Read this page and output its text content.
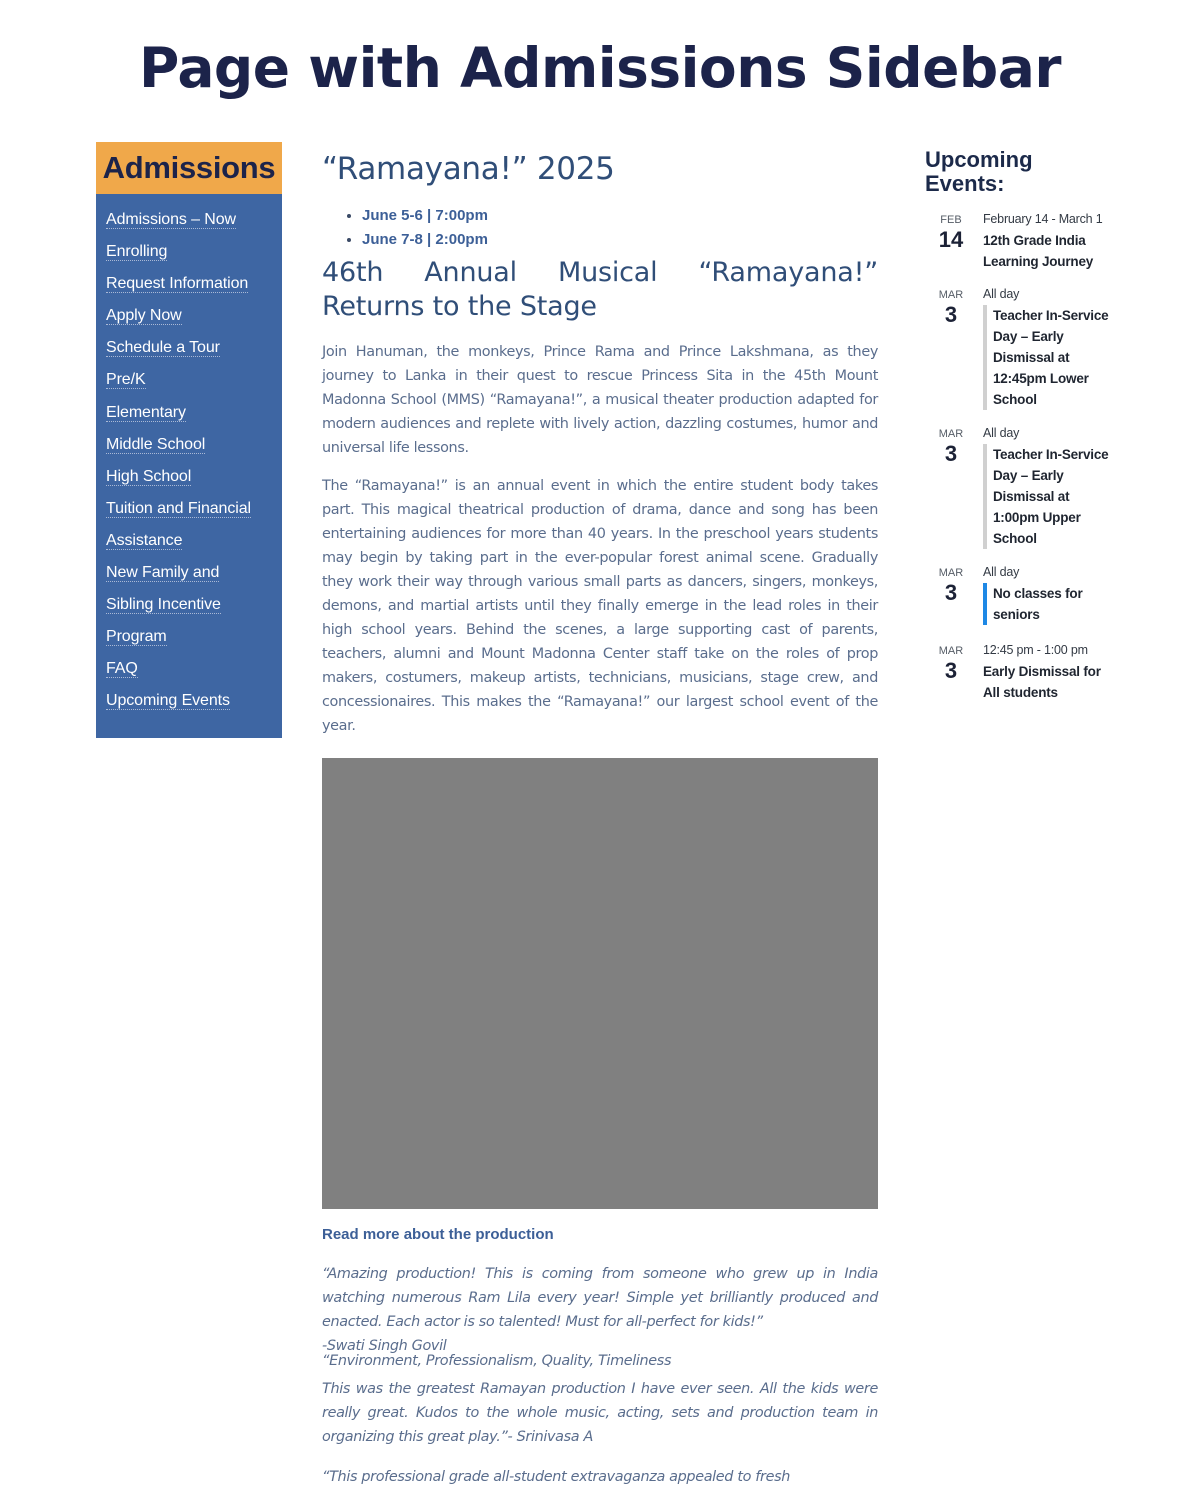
Page with Admissions Sidebar
Admissions
Admissions – Now
Enrolling
Request Information
Apply Now
Schedule a Tour
Pre/K
Elementary
Middle School
High School
Tuition and Financial
Assistance
New Family and
Sibling Incentive
Program
FAQ
Upcoming Events
“Ramayana!” 2025
• June 5-6 | 7:00pm
• June 7-8 | 2:00pm
46th Annual Musical “Ramayana!” Returns to the Stage

Join Hanuman, the monkeys, Prince Rama and Prince Lakshmana, as they journey to Lanka in their quest to rescue Princess Sita in the 45th Mount Madonna School (MMS) “Ramayana!”, a musical theater production adapted for modern audiences and replete with lively action, dazzling costumes, humor and universal life lessons.

The “Ramayana!” is an annual event in which the entire student body takes part. This magical theatrical production of drama, dance and song has been entertaining audiences for more than 40 years. In the preschool years students may begin by taking part in the ever-popular forest animal scene. Gradually they work their way through various small parts as dancers, singers, monkeys, demons, and martial artists until they finally emerge in the lead roles in their high school years. Behind the scenes, a large supporting cast of parents, teachers, alumni and Mount Madonna Center staff take on the roles of prop makers, costumers, makeup artists, technicians, musicians, stage crew, and concessionaires. This makes the “Ramayana!” our largest school event of the year.

Read more about the production

“Amazing production! This is coming from someone who grew up in India watching numerous Ram Lila every year! Simple yet brilliantly produced and enacted. Each actor is so talented! Must for all-perfect for kids!”

-Swati Singh Govil

“Environment, Professionalism, Quality, Timeliness

This was the greatest Ramayan production I have ever seen. All the kids were really great. Kudos to the whole music, acting, sets and production team in organizing this great play.”- Srinivasa A

“This professional grade all-student extravaganza appealed to fresh

Upcoming Events:
FEB
14
February 14 - March 1
12th Grade India Learning Journey
MAR
3
All day
Teacher In-Service Day – Early Dismissal at 12:45pm Lower School
MAR
3
All day
Teacher In-Service Day – Early Dismissal at 1:00pm Upper School
MAR
3
All day
No classes for seniors
MAR
3
12:45 pm - 1:00 pm
Early Dismissal for All students
